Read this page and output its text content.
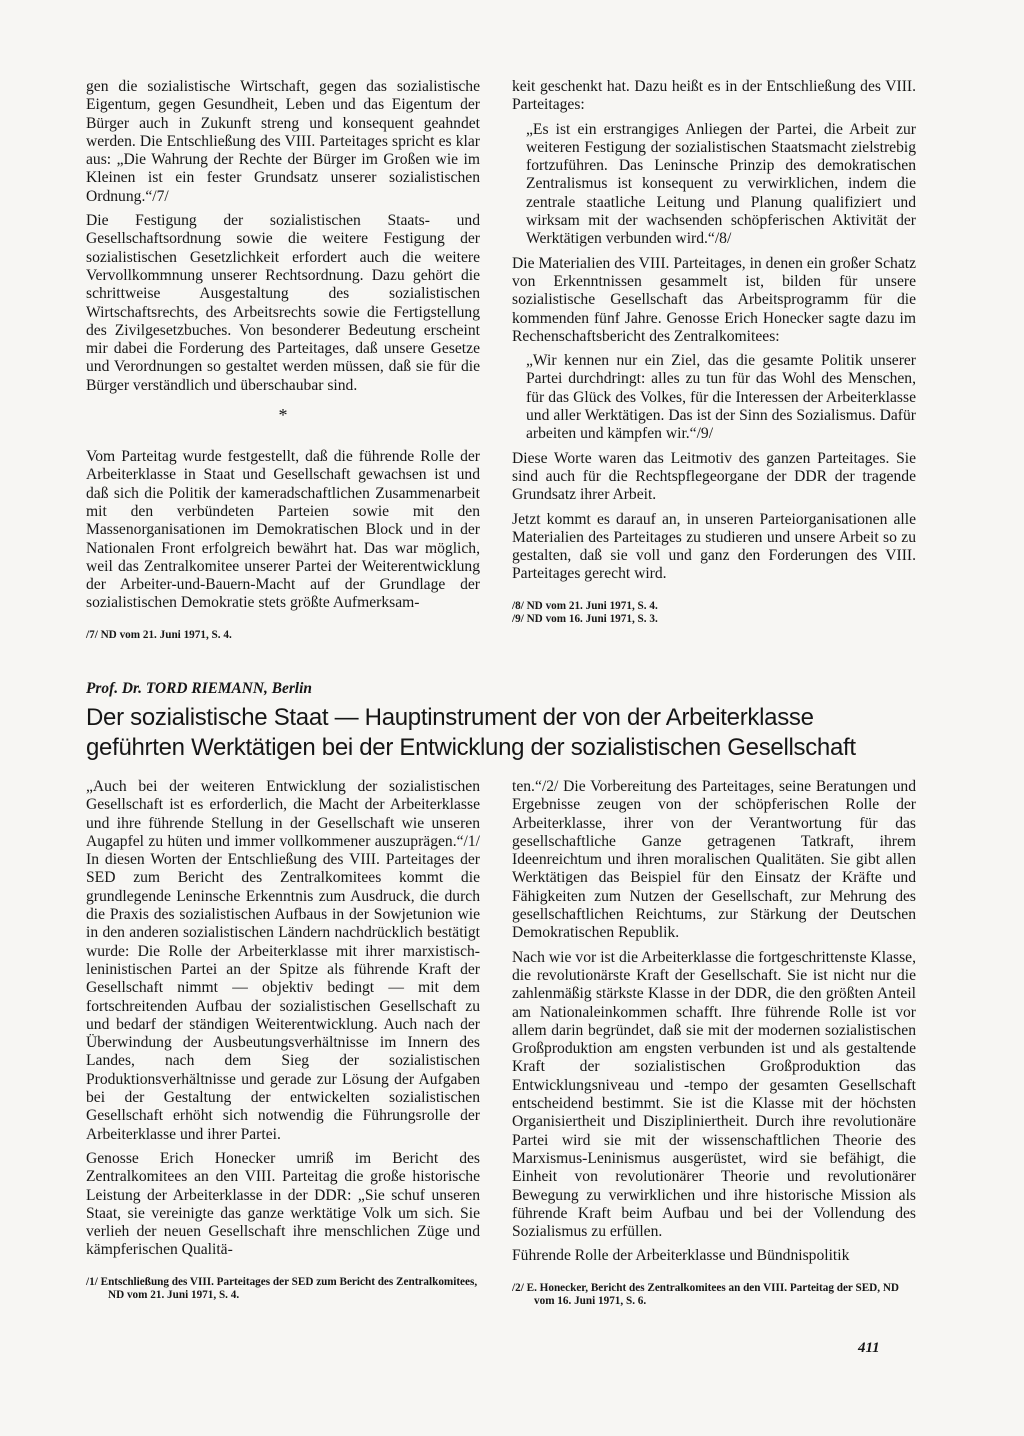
gen die sozialistische Wirtschaft, gegen das sozialistische Eigentum, gegen Gesundheit, Leben und das Eigentum der Bürger auch in Zukunft streng und konsequent geahndet werden. Die Entschließung des VIII. Parteitages spricht es klar aus: „Die Wahrung der Rechte der Bürger im Großen wie im Kleinen ist ein fester Grundsatz unserer sozialistischen Ordnung.“/7/

Die Festigung der sozialistischen Staats- und Gesellschaftsordnung sowie die weitere Festigung der sozialistischen Gesetzlichkeit erfordert auch die weitere Vervollkommnung unserer Rechtsordnung. Dazu gehört die schrittweise Ausgestaltung des sozialistischen Wirtschaftsrechts, des Arbeitsrechts sowie die Fertigstellung des Zivilgesetzbuches. Von besonderer Bedeutung erscheint mir dabei die Forderung des Parteitages, daß unsere Gesetze und Verordnungen so gestaltet werden müssen, daß sie für die Bürger verständlich und überschaubar sind.

*

Vom Parteitag wurde festgestellt, daß die führende Rolle der Arbeiterklasse in Staat und Gesellschaft gewachsen ist und daß sich die Politik der kameradschaftlichen Zusammenarbeit mit den verbündeten Parteien sowie mit den Massenorganisationen im Demokratischen Block und in der Nationalen Front erfolgreich bewährt hat. Das war möglich, weil das Zentralkomitee unserer Partei der Weiterentwicklung der Arbeiter-und-Bauern-Macht auf der Grundlage der sozialistischen Demokratie stets größte Aufmerksam-

/7/ ND vom 21. Juni 1971, S. 4.

keit geschenkt hat. Dazu heißt es in der Entschließung des VIII. Parteitages:

„Es ist ein erstrangiges Anliegen der Partei, die Arbeit zur weiteren Festigung der sozialistischen Staatsmacht zielstrebig fortzuführen. Das Leninsche Prinzip des demokratischen Zentralismus ist konsequent zu verwirklichen, indem die zentrale staatliche Leitung und Planung qualifiziert und wirksam mit der wachsenden schöpferischen Aktivität der Werktätigen verbunden wird.“/8/

Die Materialien des VIII. Parteitages, in denen ein großer Schatz von Erkenntnissen gesammelt ist, bilden für unsere sozialistische Gesellschaft das Arbeitsprogramm für die kommenden fünf Jahre. Genosse Erich Honecker sagte dazu im Rechenschaftsbericht des Zentralkomitees:

„Wir kennen nur ein Ziel, das die gesamte Politik unserer Partei durchdringt: alles zu tun für das Wohl des Menschen, für das Glück des Volkes, für die Interessen der Arbeiterklasse und aller Werktätigen. Das ist der Sinn des Sozialismus. Dafür arbeiten und kämpfen wir.“/9/

Diese Worte waren das Leitmotiv des ganzen Parteitages. Sie sind auch für die Rechtspflegeorgane der DDR der tragende Grundsatz ihrer Arbeit.

Jetzt kommt es darauf an, in unseren Parteiorganisationen alle Materialien des Parteitages zu studieren und unsere Arbeit so zu gestalten, daß sie voll und ganz den Forderungen des VIII. Parteitages gerecht wird.

/8/ ND vom 21. Juni 1971, S. 4.

/9/ ND vom 16. Juni 1971, S. 3.

Prof. Dr. TORD RIEMANN, Berlin

Der sozialistische Staat — Hauptinstrument der von der Arbeiterklasse geführten Werktätigen bei der Entwicklung der sozialistischen Gesellschaft

„Auch bei der weiteren Entwicklung der sozialistischen Gesellschaft ist es erforderlich, die Macht der Arbeiterklasse und ihre führende Stellung in der Gesellschaft wie unseren Augapfel zu hüten und immer vollkommener auszuprägen.“/1/ In diesen Worten der Entschließung des VIII. Parteitages der SED zum Bericht des Zentralkomitees kommt die grundlegende Leninsche Erkenntnis zum Ausdruck, die durch die Praxis des sozialistischen Aufbaus in der Sowjetunion wie in den anderen sozialistischen Ländern nachdrücklich bestätigt wurde: Die Rolle der Arbeiterklasse mit ihrer marxistisch-leninistischen Partei an der Spitze als führende Kraft der Gesellschaft nimmt — objektiv bedingt — mit dem fortschreitenden Aufbau der sozialistischen Gesellschaft zu und bedarf der ständigen Weiterentwicklung. Auch nach der Überwindung der Ausbeutungsverhältnisse im Innern des Landes, nach dem Sieg der sozialistischen Produktionsverhältnisse und gerade zur Lösung der Aufgaben bei der Gestaltung der entwickelten sozialistischen Gesellschaft erhöht sich notwendig die Führungsrolle der Arbeiterklasse und ihrer Partei.

Genosse Erich Honecker umriß im Bericht des Zentralkomitees an den VIII. Parteitag die große historische Leistung der Arbeiterklasse in der DDR: „Sie schuf unseren Staat, sie vereinigte das ganze werktätige Volk um sich. Sie verlieh der neuen Gesellschaft ihre menschlichen Züge und kämpferischen Qualitä-

/1/ Entschließung des VIII. Parteitages der SED zum Bericht des Zentralkomitees, ND vom 21. Juni 1971, S. 4.

ten.“/2/ Die Vorbereitung des Parteitages, seine Beratungen und Ergebnisse zeugen von der schöpferischen Rolle der Arbeiterklasse, ihrer von der Verantwortung für das gesellschaftliche Ganze getragenen Tatkraft, ihrem Ideenreichtum und ihren moralischen Qualitäten. Sie gibt allen Werktätigen das Beispiel für den Einsatz der Kräfte und Fähigkeiten zum Nutzen der Gesellschaft, zur Mehrung des gesellschaftlichen Reichtums, zur Stärkung der Deutschen Demokratischen Republik.

Nach wie vor ist die Arbeiterklasse die fortgeschrittenste Klasse, die revolutionärste Kraft der Gesellschaft. Sie ist nicht nur die zahlenmäßig stärkste Klasse in der DDR, die den größten Anteil am Nationaleinkommen schafft. Ihre führende Rolle ist vor allem darin begründet, daß sie mit der modernen sozialistischen Großproduktion am engsten verbunden ist und als gestaltende Kraft der sozialistischen Großproduktion das Entwicklungsniveau und -tempo der gesamten Gesellschaft entscheidend bestimmt. Sie ist die Klasse mit der höchsten Organisiertheit und Diszipliniertheit. Durch ihre revolutionäre Partei wird sie mit der wissenschaftlichen Theorie des Marxismus-Leninismus ausgerüstet, wird sie befähigt, die Einheit von revolutionärer Theorie und revolutionärer Bewegung zu verwirklichen und ihre historische Mission als führende Kraft beim Aufbau und bei der Vollendung des Sozialismus zu erfüllen.

Führende Rolle der Arbeiterklasse und Bündnispolitik

/2/ E. Honecker, Bericht des Zentralkomitees an den VIII. Parteitag der SED, ND vom 16. Juni 1971, S. 6.

411
